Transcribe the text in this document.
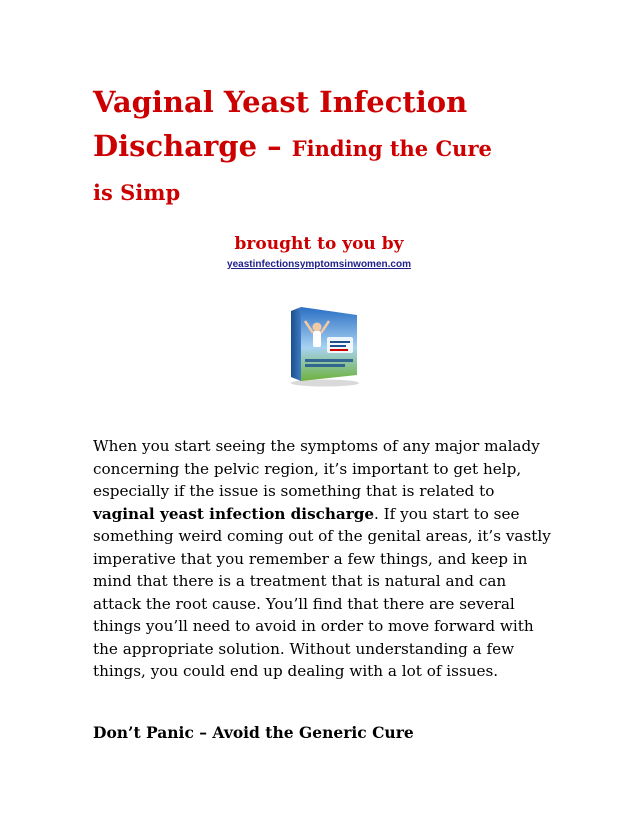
Vaginal Yeast Infection
Discharge – Finding the Cure
is Simp
brought to you by
yeastinfectionsymptomsinwomen.com

When you start seeing the symptoms of any major malady concerning the pelvic region, it’s important to get help, especially if the issue is something that is related to vaginal yeast infection discharge. If you start to see something weird coming out of the genital areas, it’s vastly imperative that you remember a few things, and keep in mind that there is a treatment that is natural and can attack the root cause. You’ll find that there are several things you’ll need to avoid in order to move forward with the appropriate solution. Without understanding a few things, you could end up dealing with a lot of issues.

Don’t Panic – Avoid the Generic Cure
